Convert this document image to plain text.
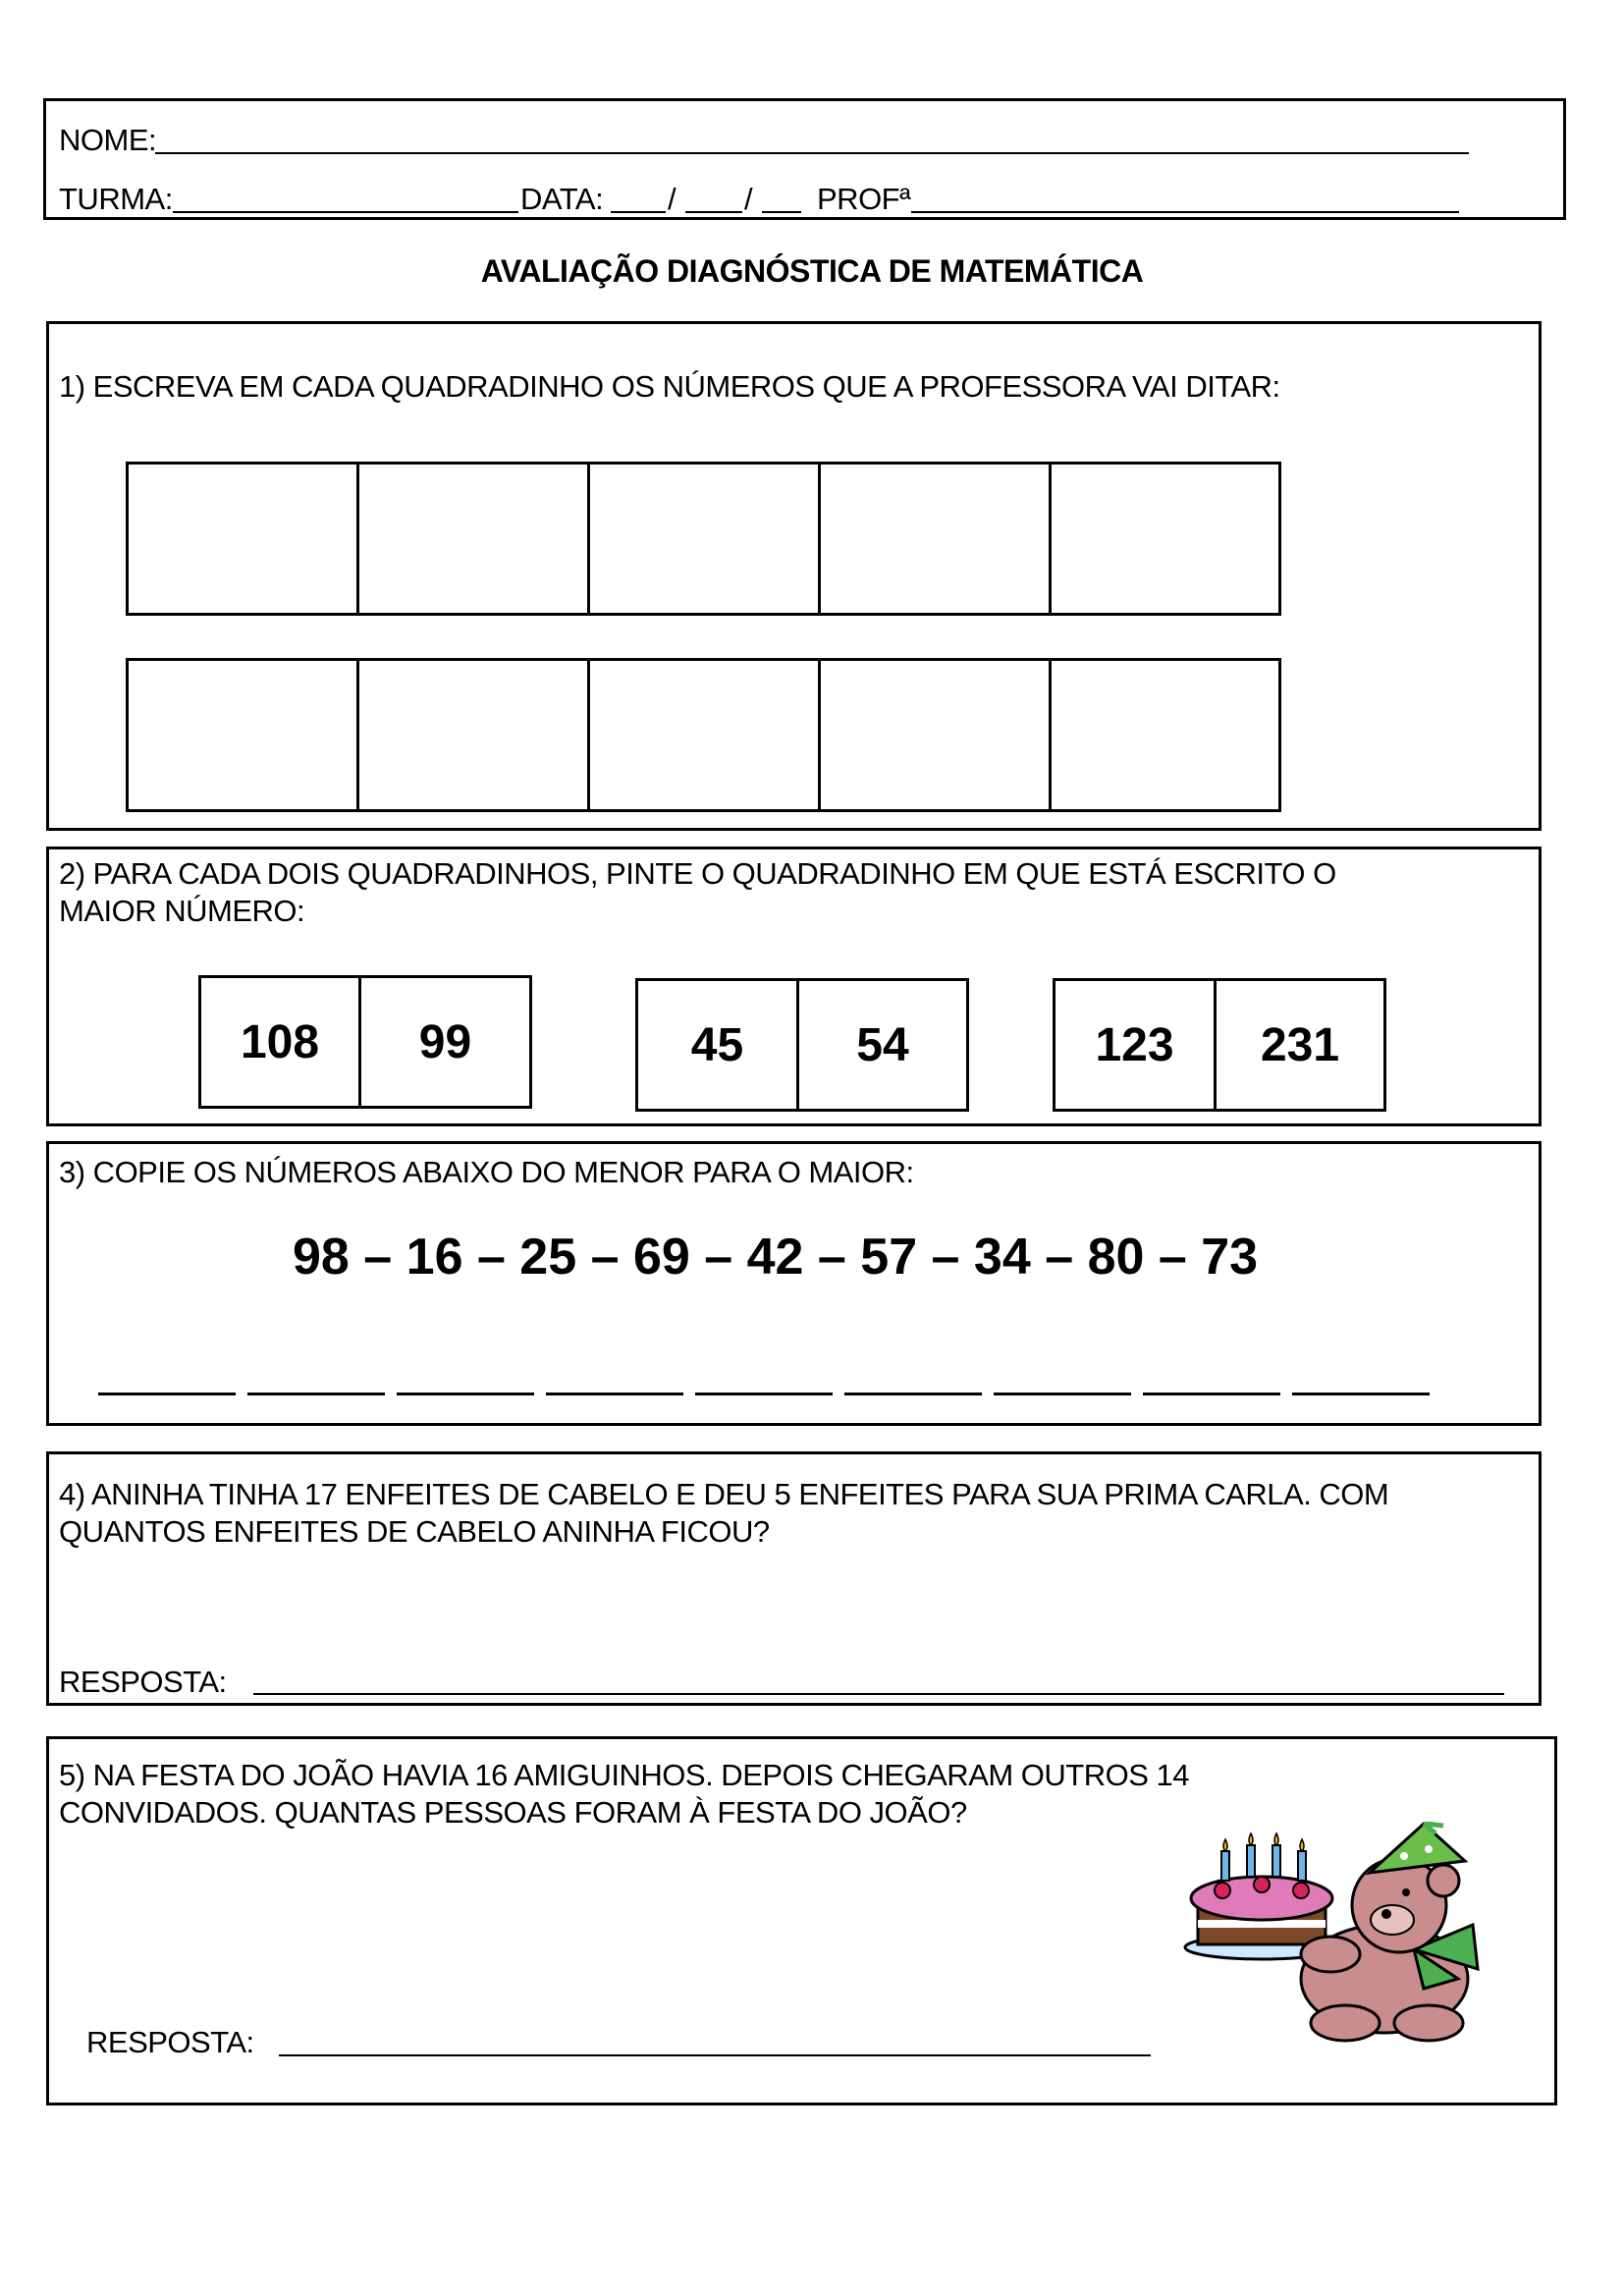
NOME:
TURMA:	DATA: / / PROFª
AVALIAÇÃO DIAGNÓSTICA DE MATEMÁTICA
1) ESCREVA EM CADA QUADRADINHO OS NÚMEROS QUE A PROFESSORA VAI DITAR:
2) PARA CADA DOIS QUADRADINHOS, PINTE O QUADRADINHO EM QUE ESTÁ ESCRITO O
MAIOR NÚMERO:
108	99	45	54	123	231
3) COPIE OS NÚMEROS ABAIXO DO MENOR PARA O MAIOR:
98 – 16 – 25 – 69 – 42 – 57 – 34 – 80 – 73
4) ANINHA TINHA 17 ENFEITES DE CABELO E DEU 5 ENFEITES PARA SUA PRIMA CARLA. COM
QUANTOS ENFEITES DE CABELO ANINHA FICOU?
RESPOSTA:
5) NA FESTA DO JOÃO HAVIA 16 AMIGUINHOS. DEPOIS CHEGARAM OUTROS 14
CONVIDADOS. QUANTAS PESSOAS FORAM À FESTA DO JOÃO?
RESPOSTA:
